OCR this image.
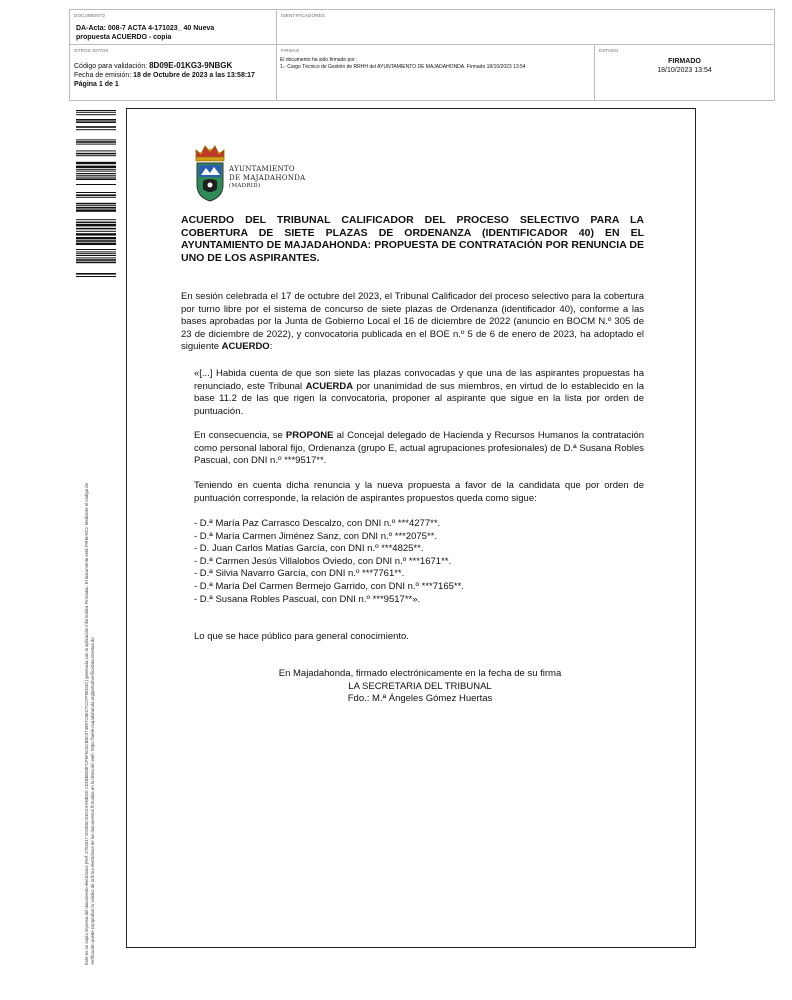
DOCUMENTO
DA-Acta: 008-7 ACTA 4-171023_ 40 Nueva
propuesta ACUERDO - copia
IDENTIFICADORES
OTROS DATOS
Código para validación: 8D09E-01KG3-9NBGK
Fecha de emisión: 18 de Octubre de 2023 a las 13:58:17
Página 1 de 1
FIRMAS
El documento ha sido firmado por :
1.- Cargo Técnico de Gestión de RRHH del AYUNTAMIENTO DE MAJADAHONDA. Firmado 18/10/2023 13:54
ESTADO
FIRMADO
18/10/2023 13:54
Este es un copia impresa del documento electrónico (Ref: 2752617 DG9DE-01KG3-9NBGK C01B8B2BFCF6F9C6CB8C974857C8EC7CCFF9ED3C) generada con la aplicación informática Firmadoc. El documento está FIRMADO. Mediante el código de verificación puede comprobar la validez de la firma electrónica de los documentos firmados en la dirección web: https://sede.majadahonda.org/portal/verificaDocumentos.do
AYUNTAMIENTO
DE MAJADAHONDA
(MADRID)
ACUERDO DEL TRIBUNAL CALIFICADOR DEL PROCESO SELECTIVO PARA LA COBERTURA DE SIETE PLAZAS DE ORDENANZA (IDENTIFICADOR 40) EN EL AYUNTAMIENTO DE MAJADAHONDA: PROPUESTA DE CONTRATACIÓN POR RENUNCIA DE UNO DE LOS ASPIRANTES.
En sesión celebrada el 17 de octubre del 2023, el Tribunal Calificador del proceso selectivo para la cobertura por turno libre por el sistema de concurso de siete plazas de Ordenanza (identificador 40), conforme a las bases aprobadas por la Junta de Gobierno Local el 16 de diciembre de 2022 (anuncio en BOCM N.º 305 de 23 de diciembre de 2022), y convocatoria publicada en el BOE n.º 5 de 6 de enero de 2023, ha adoptado el siguiente ACUERDO:
«[...] Habida cuenta de que son siete las plazas convocadas y que una de las aspirantes propuestas ha renunciado, este Tribunal ACUERDA por unanimidad de sus miembros, en virtud de lo establecido en la base 11.2 de las que rigen la convocatoria, proponer al aspirante que sigue en la lista por orden de puntuación.
En consecuencia, se PROPONE al Concejal delegado de Hacienda y Recursos Humanos la contratación como personal laboral fijo, Ordenanza (grupo E, actual agrupaciones profesionales) de D.ª Susana Robles Pascual, con DNI n.º ***9517**.
Teniendo en cuenta dicha renuncia y la nueva propuesta a favor de la candidata que por orden de puntuación corresponde, la relación de aspirantes propuestos queda como sigue:
- D.ª María Paz Carrasco Descalzo, con DNI n.º ***4277**.
- D.ª María Carmen Jiménez Sanz, con DNI n.º ***2075**.
- D. Juan Carlos Matías García, con DNI n.º ***4825**.
- D.ª Carmen Jesús Villalobos Oviedo, con DNI n.º ***1671**.
- D.ª Silvia Navarro García, con DNI n.º ***7761**.
- D.ª María Del Carmen Bermejo Garrido, con DNI n.º ***7165**.
- D.ª Susana Robles Pascual, con DNI n.º ***9517**».
Lo que se hace público para general conocimiento.
En Majadahonda, firmado electrónicamente en la fecha de su firma
LA SECRETARIA DEL TRIBUNAL
Fdo.: M.ª Ángeles Gómez Huertas
